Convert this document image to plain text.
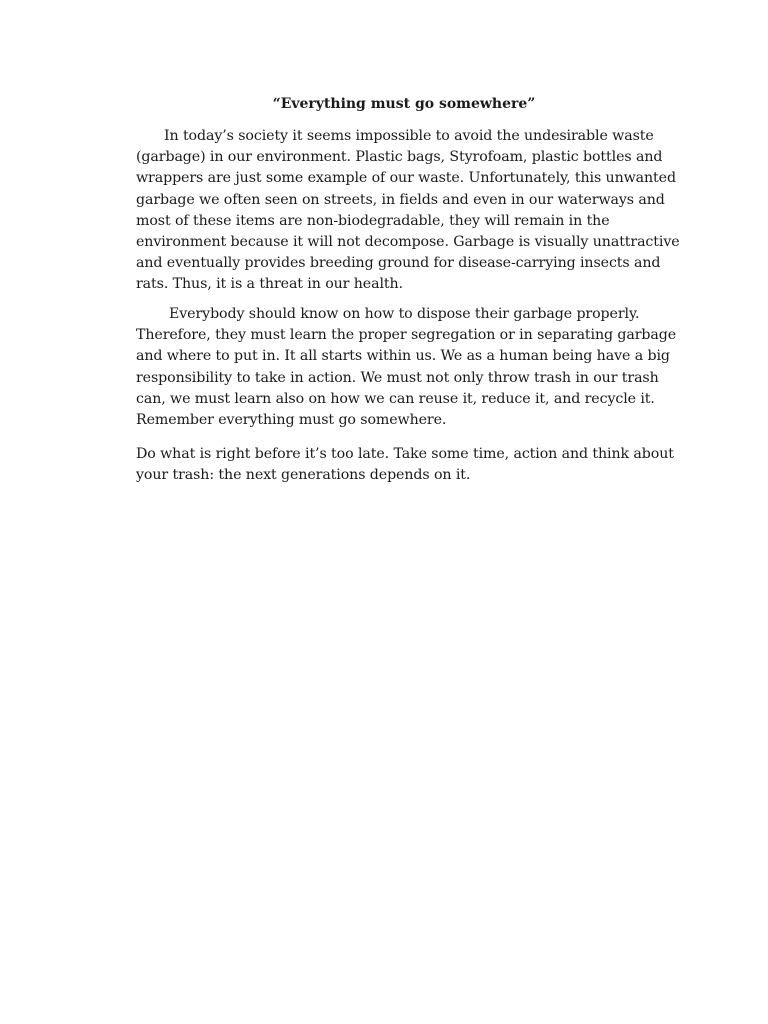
“Everything must go somewhere”

In today’s society it seems impossible to avoid the undesirable waste (garbage) in our environment. Plastic bags, Styrofoam, plastic bottles and wrappers are just some example of our waste. Unfortunately, this unwanted garbage we often seen on streets, in fields and even in our waterways and most of these items are non-biodegradable, they will remain in the environment because it will not decompose. Garbage is visually unattractive and eventually provides breeding ground for disease-carrying insects and rats. Thus, it is a threat in our health.

Everybody should know on how to dispose their garbage properly. Therefore, they must learn the proper segregation or in separating garbage and where to put in. It all starts within us. We as a human being have a big responsibility to take in action. We must not only throw trash in our trash can, we must learn also on how we can reuse it, reduce it, and recycle it. Remember everything must go somewhere.

Do what is right before it’s too late. Take some time, action and think about your trash: the next generations depends on it.
